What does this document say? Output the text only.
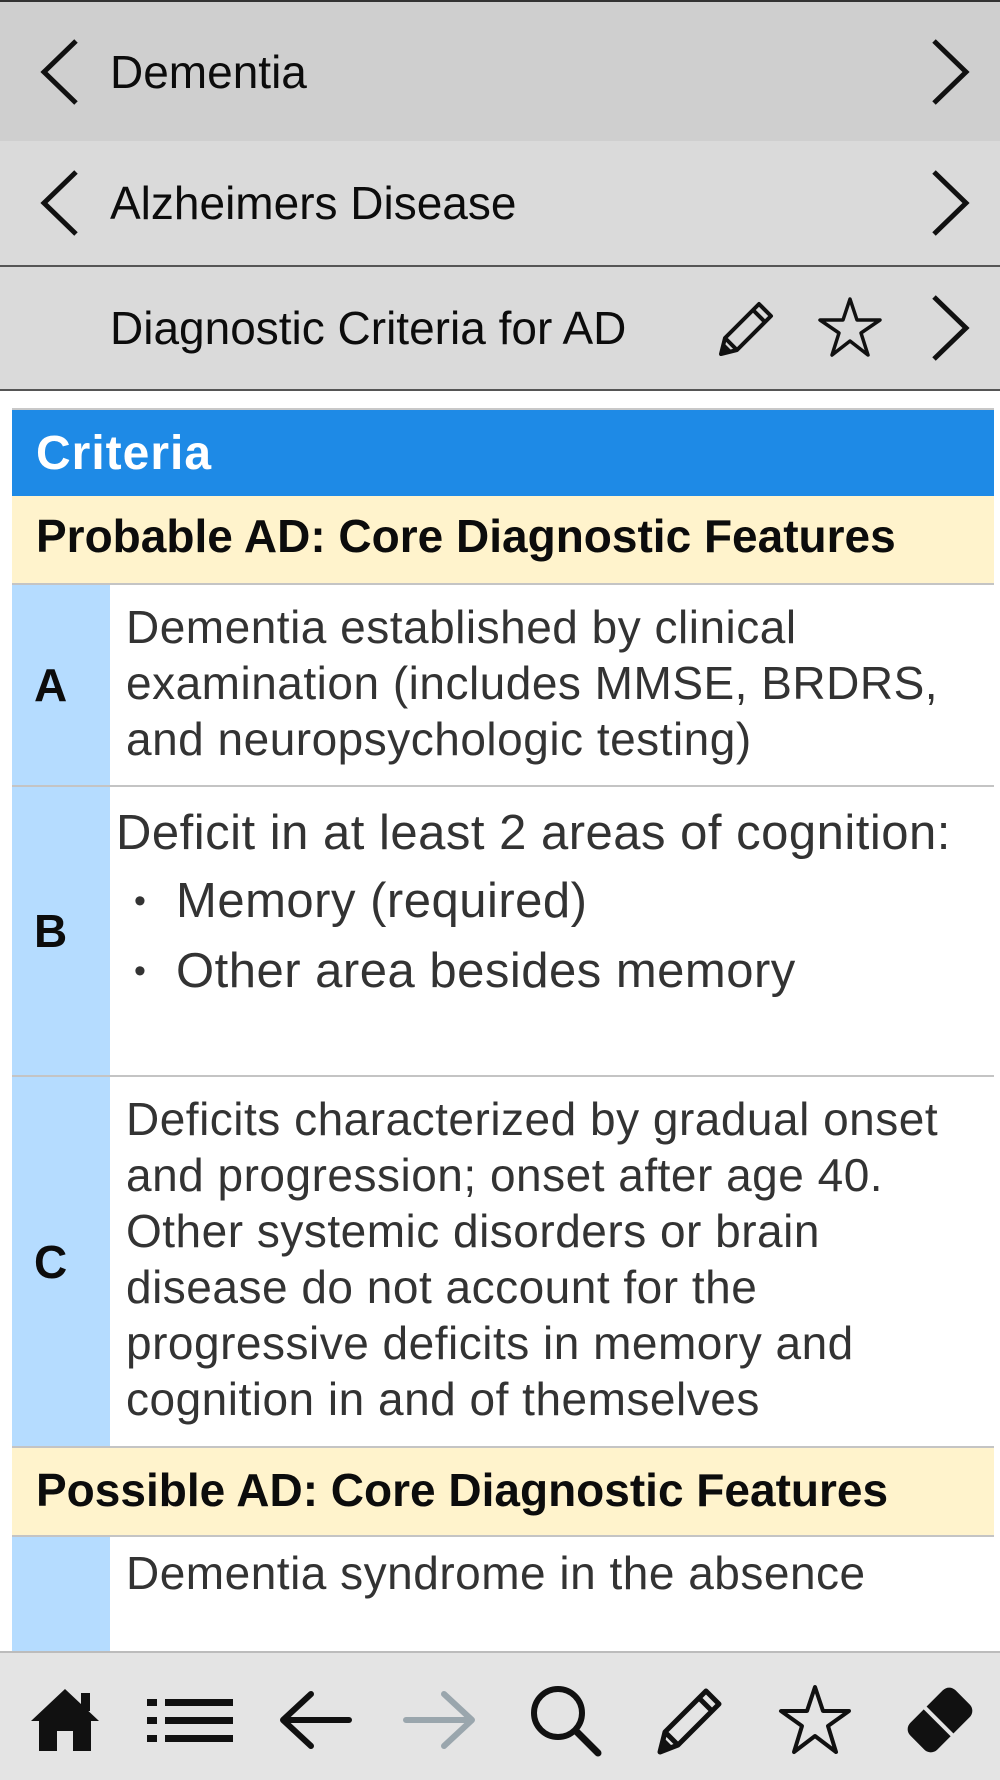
Dementia
Alzheimers Disease
Diagnostic Criteria for AD
Criteria
Probable AD: Core Diagnostic Features
A
Dementia established by clinical examination (includes MMSE, BRDRS, and neuropsychologic testing)
B
Deficit in at least 2 areas of cognition:
• Memory (required)
• Other area besides memory
C
Deficits characterized by gradual onset and progression; onset after age 40. Other systemic disorders or brain disease do not account for the progressive deficits in memory and cognition in and of themselves
Possible AD: Core Diagnostic Features
Dementia syndrome in the absence
